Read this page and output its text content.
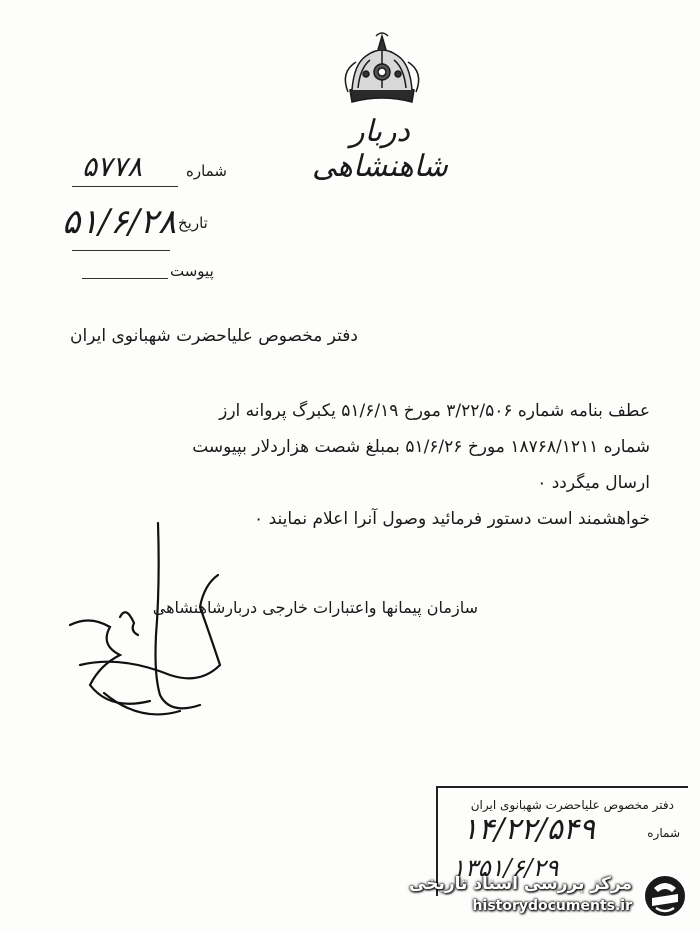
دربار شاهنشاهی
شماره
۵۷۷۸
تاریخ
۵۱/۶/۲۸
پیوست
دفتر مخصوص علیاحضرت شهبانوی ایران

عطف بنامه شماره ۳/۲۲/۵۰۶ مورخ ۵۱/۶/۱۹ یکبرگ پروانه ارز

شماره ۱۸۷۶۸/۱۲۱۱ مورخ ۵۱/۶/۲۶ بمبلغ شصت هزاردلار بپیوست

ارسال میگردد ۰

خواهشمند است دستور فرمائید وصول آنرا اعلام نمایند ۰

سازمان پیمانها واعتبارات خارجی دربارشاهنشاهی
دفتر مخصوص علیاحضرت شهبانوی ایران
شماره
۱۴/۲۲/۵۴۹
۱۳۵۱/۶/۲۹
مرکز بررسی اسناد تاریخی
historydocuments.ir
